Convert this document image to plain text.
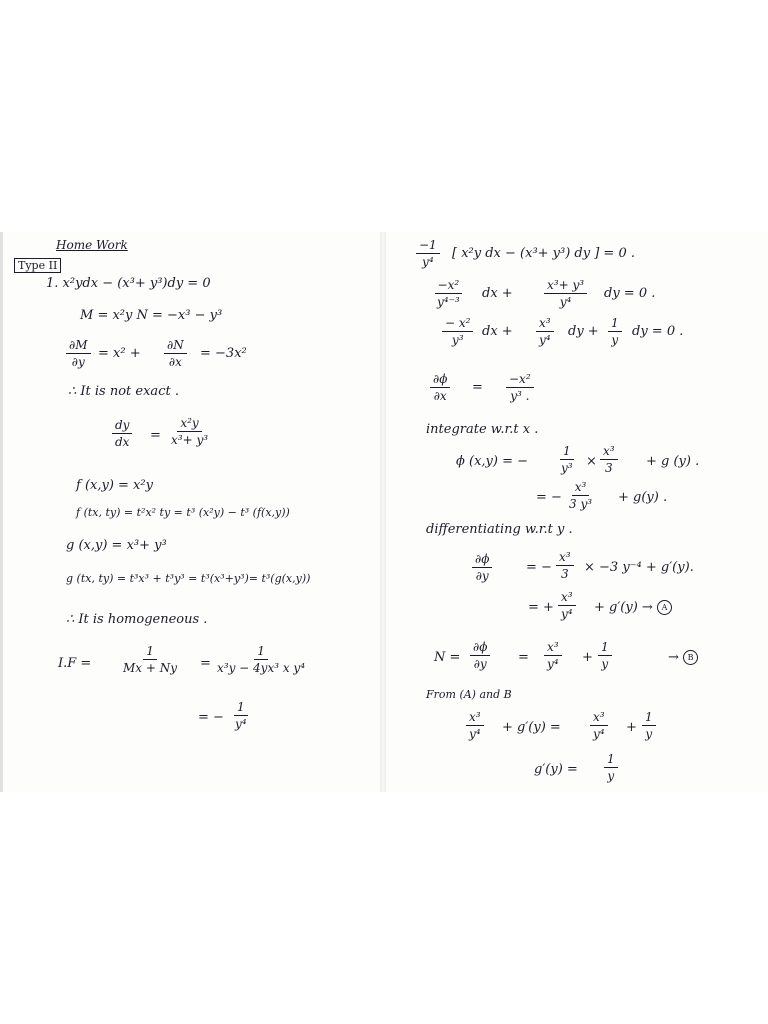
Home Work
Type II
1. x²ydx − (x³+ y³)dy = 0
M = x²y N = −x³ − y³
$\frac{\partial M}{\partial y} = x^2 + \frac{\partial N}{\partial x} = -3x^2$
∴ It is not exact .
$\frac{dy}{dx} = \frac{\text{x²y}}{\text{x³+ y³}}$
f (x,y) = x²y
f (tx, ty) = t²x² ty = t³ (x²y) − t³ (f(x,y))
g (x,y) = x³+ y³
g (tx, ty) = t³x³ + t³y³ = t³(x³+y³)= t³(g(x,y))
∴ It is homogeneous .
$I.F = \frac{1}{Mx + Ny} = \frac{1}{\text{x³y − 4yx³ x y⁴}}$
= − $\frac{1}{\text{y⁴}}$
$\frac{-1}{\text{y⁴}}$ [ x²y dx − (x³+ y³) dy ] = 0 .
$\frac{\text{−x²}}{\text{y⁴⁻³}}$ dx +	$\frac{\text{x³+ y³}}{\text{y⁴}}$ dy = 0 .
$\frac{\text{− x²}}{\text{y³}}$ dx + $\frac{\text{x³}}{\text{y⁴}}$ dy + $\frac{1}{y}$ dy = 0 .
$\frac{\partial\phi}{\partial x} = \frac{\text{−x²}}{\text{y³ .}}$
integrate w.r.t x .
ϕ (x,y) = −	$\frac{1}{\text{y³}} \times \frac{\text{x³}}{3} + g$ (y) .
= − $\frac{\text{x³}}{\text{3 y³}} + g(y)$ .
differentiating w.r.t y .
$\frac{\partial\phi}{\partial y}$	= − $\frac{\text{x³}}{3} \times -3$ y⁻⁴ + g′(y).
= + $\frac{\text{x³}}{\text{y⁴}} + g'(y) \to A$
$N = \frac{\partial\phi}{\partial y} = \frac{\text{x³}}{\text{y⁴}} + \frac{1}{y}$	→ B
From (A) and B
$\frac{\text{x³}}{\text{y⁴}} + g'(y) = \frac{\text{x³}}{\text{y⁴}} + \frac{1}{y}$
$g'(y) = \frac{1}{y}$
